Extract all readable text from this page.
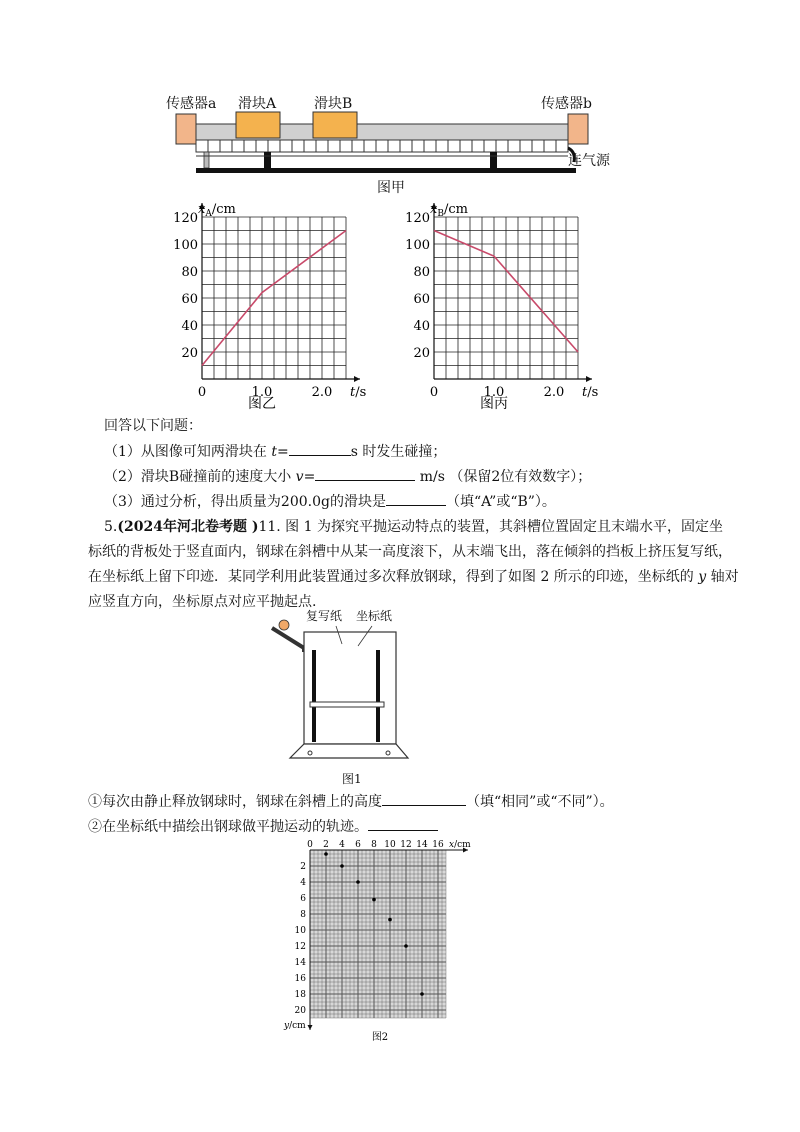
传感器a 滑块A	滑块B	传感器b
连气源
图甲
20
40
60
80
100
120
0	1.0	2.0
$x_A/cm$
t/s
图乙
20
40
60
80
100
120
0	1.0	2.0
$x_B/cm$
t/s
图丙
回答以下问题：
（1）从图像可知两滑块在 t=	s 时发生碰撞；
（2）滑块B碰撞前的速度大小 v=	m/s （保留2位有效数字）；
（3）通过分析，得出质量为200.0g的滑块是	（填“A”或“B”）。
5.(2024年河北卷考题 )11. 图 1 为探究平抛运动特点的装置，其斜槽位置固定且末端水平，固定坐
标纸的背板处于竖直面内，钢球在斜槽中从某一高度滚下，从末端飞出，落在倾斜的挡板上挤压复写纸，
在坐标纸上留下印迹．某同学利用此装置通过多次释放钢球，得到了如图 2 所示的印迹，坐标纸的 y 轴对
应竖直方向，坐标原点对应平抛起点.
复写纸 坐标纸
图1
①每次由静止释放钢球时，钢球在斜槽上的高度	（填“相同”或“不同”）。
②在坐标纸中描绘出钢球做平抛运动的轨迹。
0 2 4 6 8 10 12 14 16
2
4
6
8
10
12
14
16
18
20
x/cm
y/cm
图2
